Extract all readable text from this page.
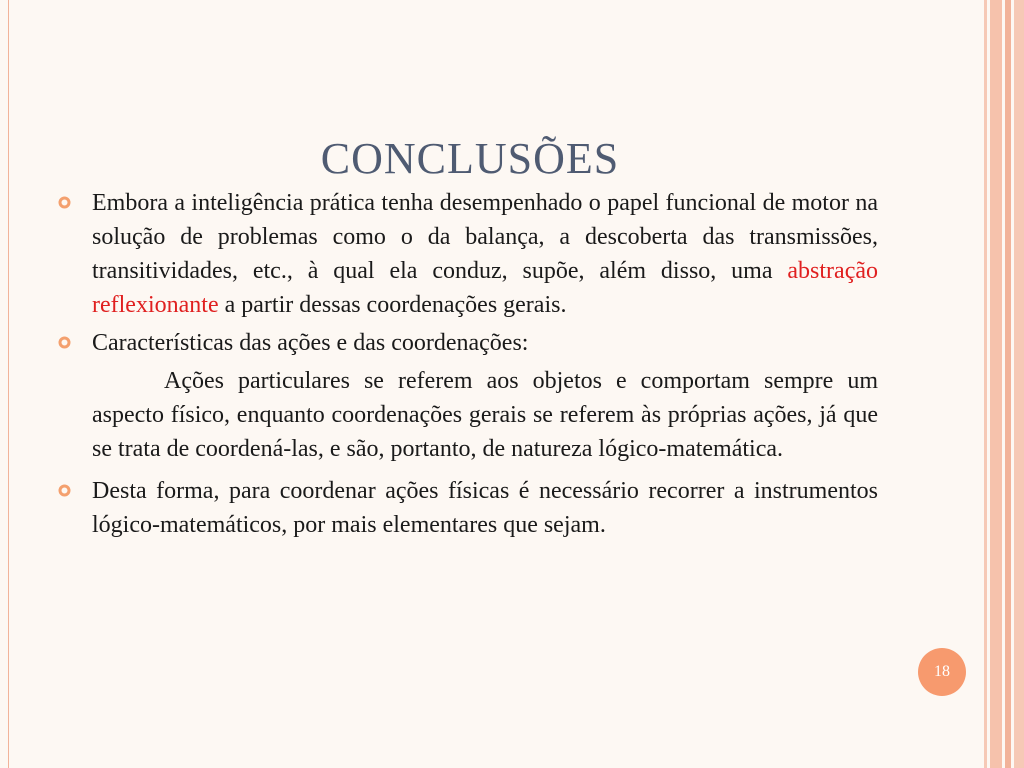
CONCLUSÕES

Embora a inteligência prática tenha desempenhado o papel funcional de motor na solução de problemas como o da balança, a descoberta das transmissões, transitividades, etc., à qual ela conduz, supõe, além disso, uma abstração reflexionante a partir dessas coordenações gerais.

Características das ações e das coordenações:

Ações particulares se referem aos objetos e comportam sempre um aspecto físico, enquanto coordenações gerais se referem às próprias ações, já que se trata de coordená-las, e são, portanto, de natureza lógico-matemática.

Desta forma, para coordenar ações físicas é necessário recorrer a instrumentos lógico-matemáticos, por mais elementares que sejam.

18
